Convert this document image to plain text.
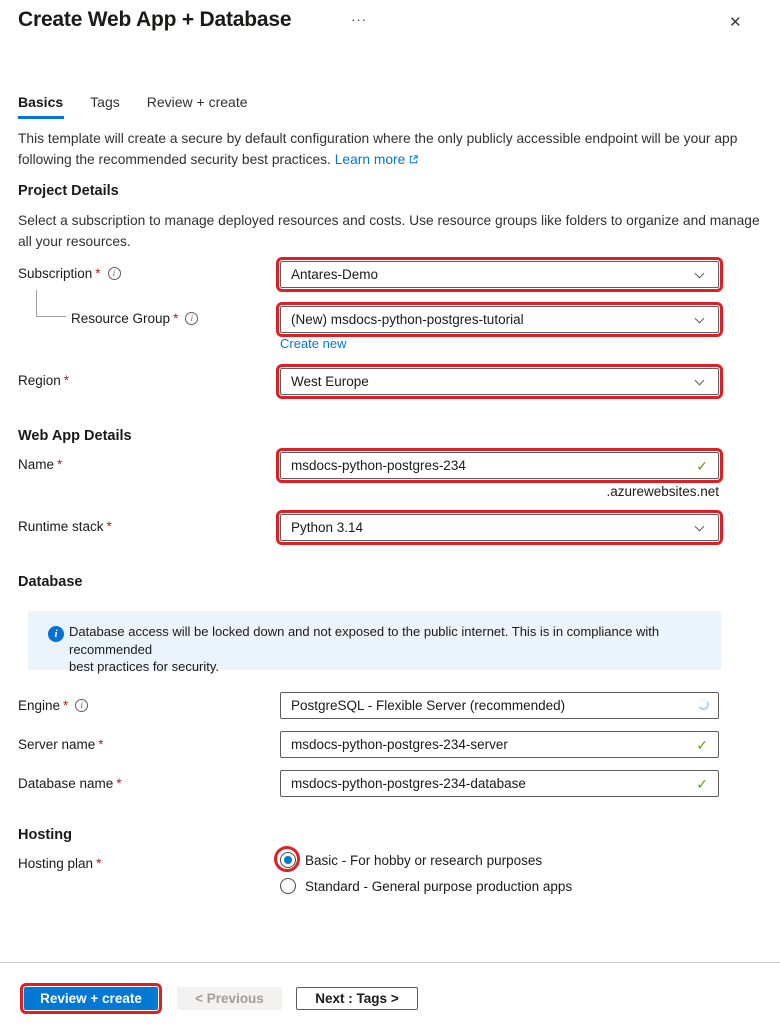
Create Web App + Database	···	✕
Basics Tags Review + create
This template will create a secure by default configuration where the only publicly accessible endpoint will be your app
following the recommended security best practices. Learn more
Project Details
Select a subscription to manage deployed resources and costs. Use resource groups like folders to organize and manage
all your resources.
Subscription *	i	Antares-Demo
Resource Group *	i	(New) msdocs-python-postgres-tutorial
Create new
Region *	West Europe
Web App Details
Name *	msdocs-python-postgres-234	✓
.azurewebsites.net
Runtime stack *	Python 3.14
Database
i Database access will be locked down and not exposed to the public internet. This is in compliance with recommended
best practices for security.
Engine *	i	PostgreSQL - Flexible Server (recommended)
Server name *	msdocs-python-postgres-234-server	✓
Database name *	msdocs-python-postgres-234-database	✓
Hosting
Hosting plan *	Basic - For hobby or research purposes
Standard - General purpose production apps
Review + create	< Previous	Next : Tags >
